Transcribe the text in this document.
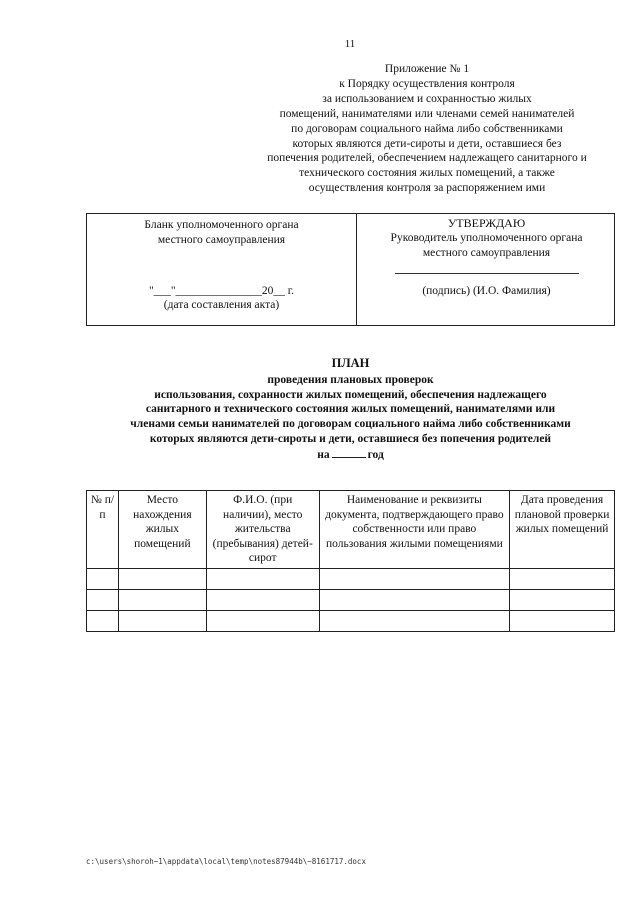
11
Приложение № 1
к Порядку осуществления контроля
за использованием и сохранностью жилых
помещений, нанимателями или членами семей нанимателей
по договорам социального найма либо собственниками
которых являются дети-сироты и дети, оставшиеся без
попечения родителей, обеспечением надлежащего санитарного и
технического состояния жилых помещений, а также
осуществления контроля за распоряжением ими
Бланк уполномоченного органа
местного самоуправления
"___"_______________20__ г.
(дата составления акта)
УТВЕРЖДАЮ
Руководитель уполномоченного органа
местного самоуправления
(подпись) (И.О. Фамилия)
ПЛАН
проведения плановых проверок
использования, сохранности жилых помещений, обеспечения надлежащего
санитарного и технического состояния жилых помещений, нанимателями или
членами семьи нанимателей по договорам социального найма либо собственниками
которых являются дети-сироты и дети, оставшиеся без попечения родителей
на	год
№ п/п	Место нахождения жилых помещений	Ф.И.О. (при наличии), место жительства (пребывания) детей-сирот	Наименование и реквизиты документа, подтверждающего право собственности или право пользования жилыми помещениями	Дата проведения плановой проверки жилых помещений

c:\users\shoroh~1\appdata\local\temp\notes87944b\~8161717.docx
